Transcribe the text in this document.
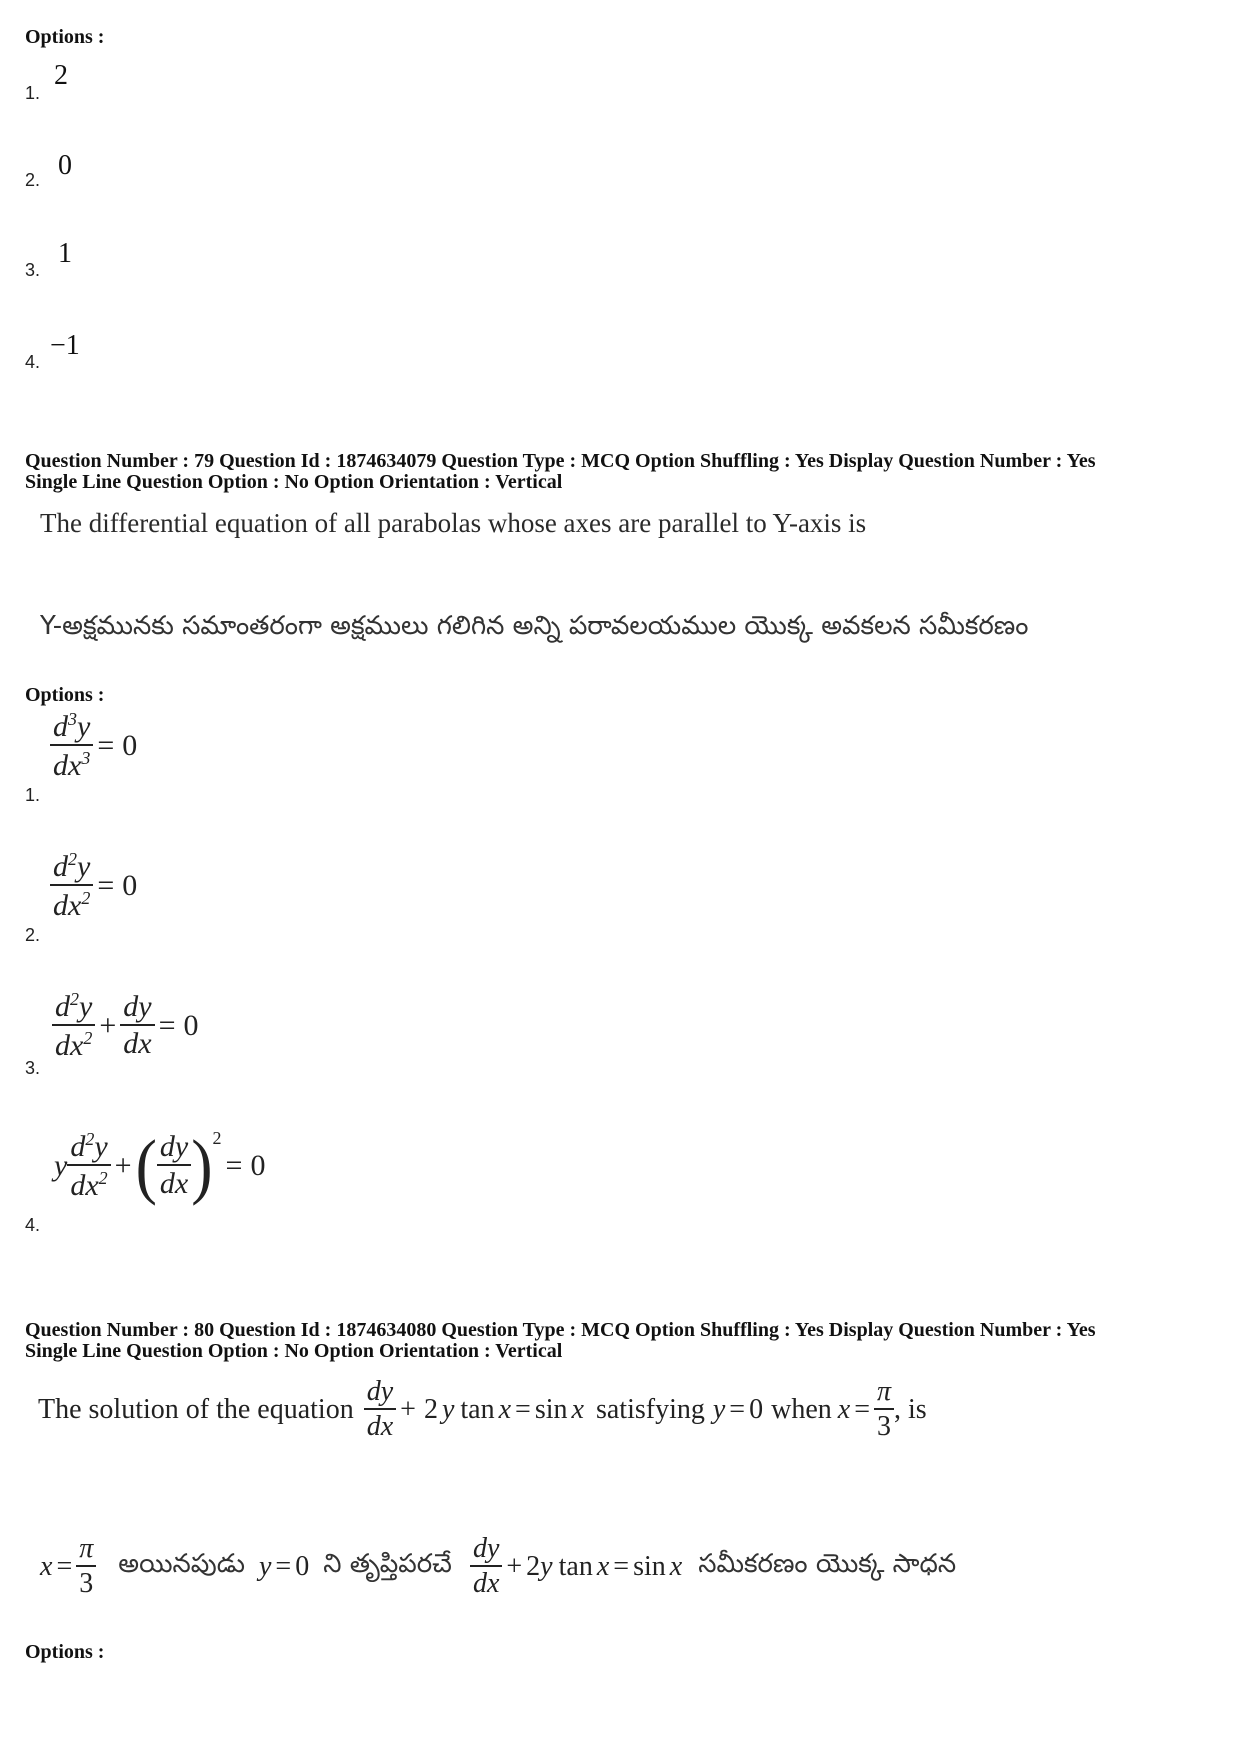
Options :
1.
2
2. 0
3.
1
4.
−1
Question Number : 79 Question Id : 1874634079 Question Type : MCQ Option Shuffling : Yes Display Question Number : Yes
Single Line Question Option : No Option Orientation : Vertical
The differential equation of all parabolas whose axes are parallel to Y-axis is
Y-అక్షమునకు సమాంతరంగా అక్షములు గలిగిన అన్ని పరావలయముల యొక్క అవకలన సమీకరణం
Options :
1.
$\frac{d^3y}{dx^3} = 0$
2.
$\frac{d^2y}{dx^2} = 0$
3.
$\frac{d^2y}{dx^2} + \frac{dy}{dx} = 0$
4.
y $\frac{d^2y}{dx^2}$ + ( $\frac{dy}{dx} )^2$
= 0
Question Number : 80 Question Id : 1874634080 Question Type : MCQ Option Shuffling : Yes Display Question Number : Yes
Single Line Question Option : No Option Orientation : Vertical
The solution of the equation $\frac{dy}{dx} + 2$ y tan x = sin x satisfying y = 0 when $x = \frac{\pi}{3}$ , is
$x = \frac{\pi}{3}$ అయినపుడు y = 0 ని తృప్తిపరచే $\frac{dy}{dx} + 2$ y tan x = sin x సమీకరణం యొక్క సాధన
Options :
